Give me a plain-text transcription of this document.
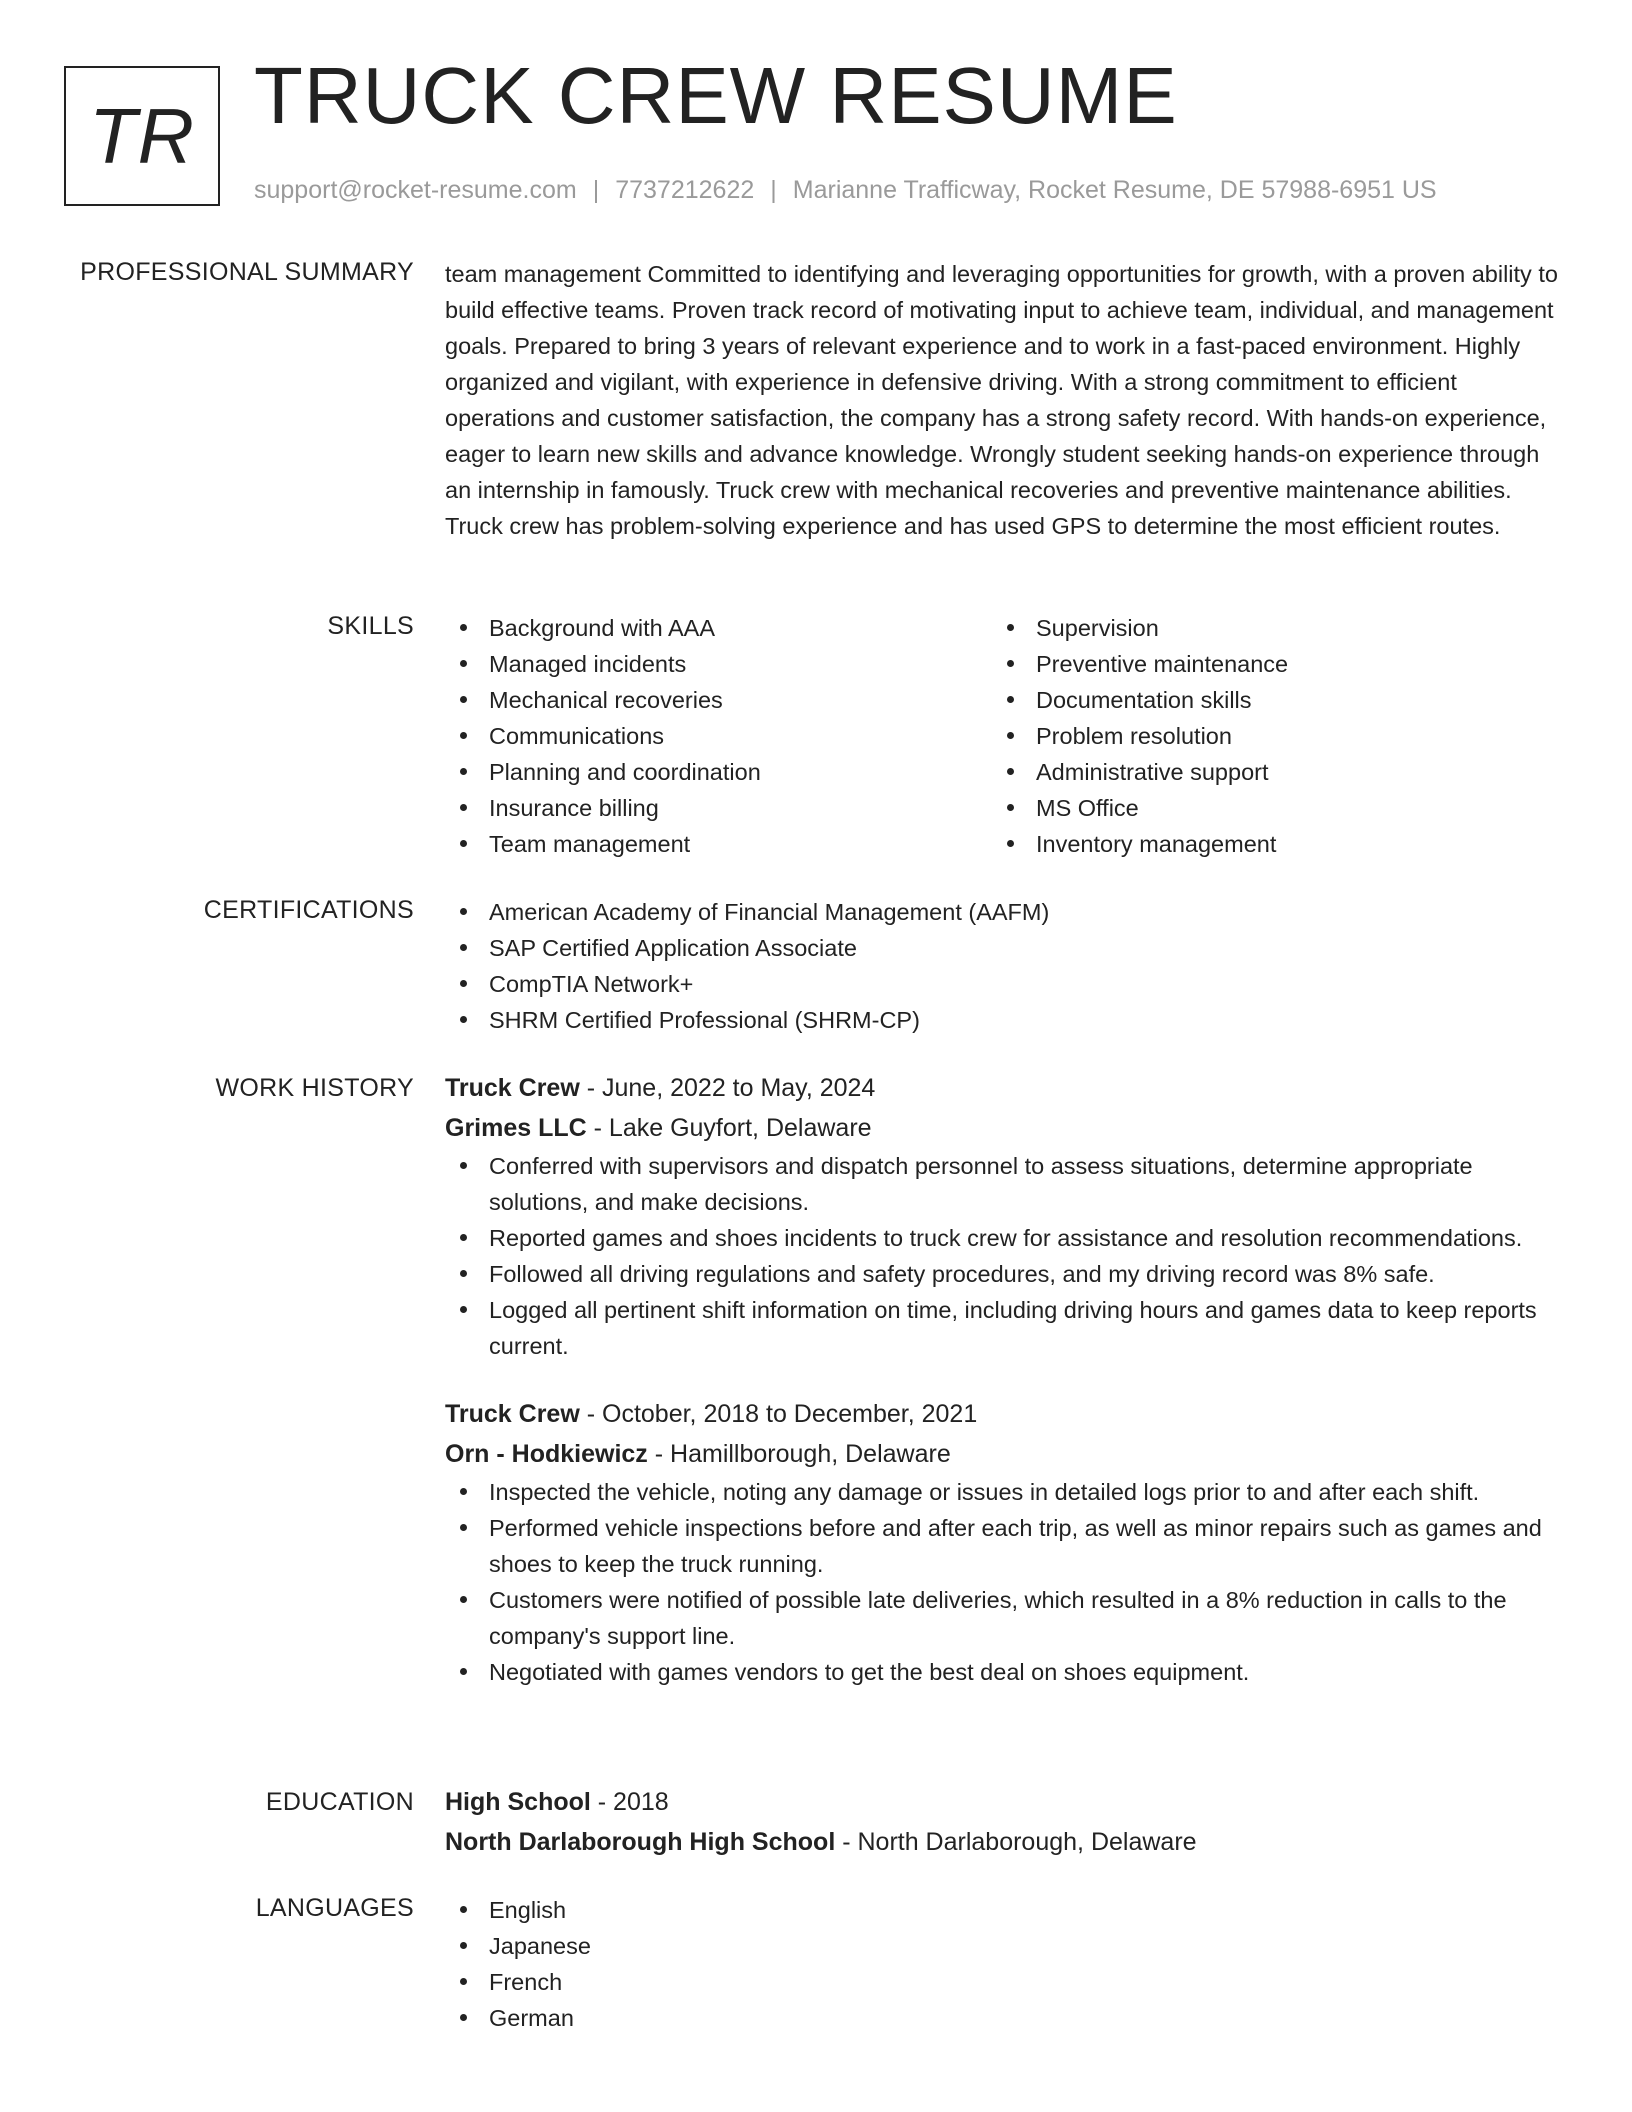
TR TRUCK CREW RESUME
support@rocket-resume.com | 7737212622 | Marianne Trafficway, Rocket Resume, DE 57988-6951 US
PROFESSIONAL SUMMARY team management Committed to identifying and leveraging opportunities for growth, with a proven ability to build effective teams. Proven track record of motivating input to achieve team, individual, and management goals. Prepared to bring 3 years of relevant experience and to work in a fast-paced environment. Highly organized and vigilant, with experience in defensive driving. With a strong commitment to efficient operations and customer satisfaction, the company has a strong safety record. With hands-on experience, eager to learn new skills and advance knowledge. Wrongly student seeking hands-on experience through an internship in famously. Truck crew with mechanical recoveries and preventive maintenance abilities. Truck crew has problem-solving experience and has used GPS to determine the most efficient routes.
SKILLS	Background with AAA
Managed incidents
Mechanical recoveries
Communications
Planning and coordination
Insurance billing
Team management
Supervision
Preventive maintenance
Documentation skills
Problem resolution
Administrative support
MS Office
Inventory management
CERTIFICATIONS	American Academy of Financial Management (AAFM)
SAP Certified Application Associate
CompTIA Network+
SHRM Certified Professional (SHRM-CP)
WORK HISTORY Truck Crew - June, 2022 to May, 2024
Grimes LLC - Lake Guyfort, Delaware
Conferred with supervisors and dispatch personnel to assess situations, determine appropriate solutions, and make decisions.
Reported games and shoes incidents to truck crew for assistance and resolution recommendations.
Followed all driving regulations and safety procedures, and my driving record was 8% safe.
Logged all pertinent shift information on time, including driving hours and games data to keep reports current.
Truck Crew - October, 2018 to December, 2021
Orn - Hodkiewicz - Hamillborough, Delaware
Inspected the vehicle, noting any damage or issues in detailed logs prior to and after each shift.
Performed vehicle inspections before and after each trip, as well as minor repairs such as games and shoes to keep the truck running.
Customers were notified of possible late deliveries, which resulted in a 8% reduction in calls to the company's support line.
Negotiated with games vendors to get the best deal on shoes equipment.
EDUCATION High School - 2018
North Darlaborough High School - North Darlaborough, Delaware
LANGUAGES	English
Japanese
French
German
